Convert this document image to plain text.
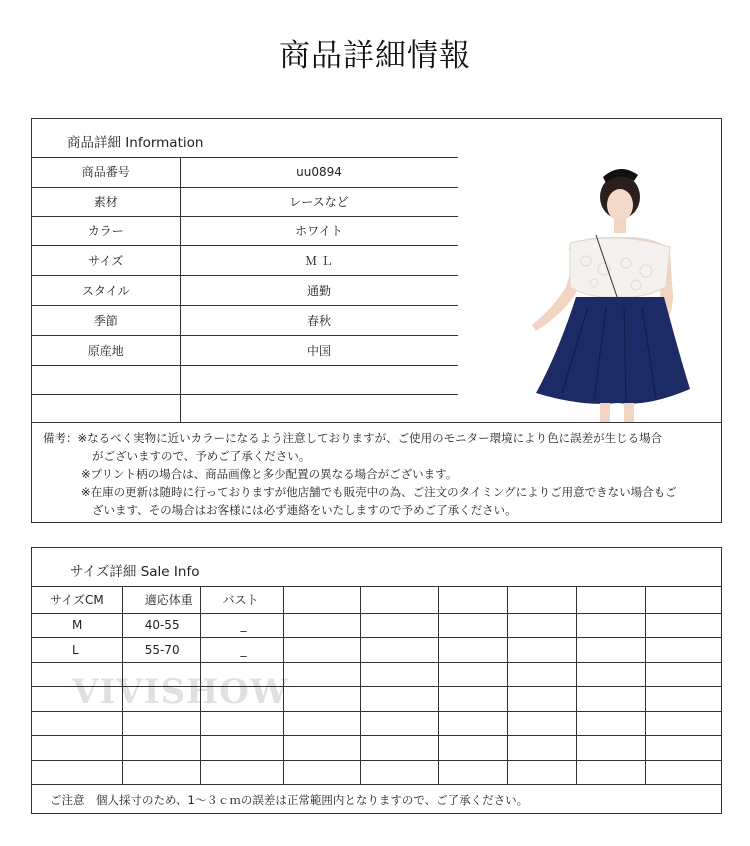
商品詳細情報
商品詳細 Information
商品番号	uu0894
素材	レースなど
カラー	ホワイト
サイズ	Ｍ Ｌ
スタイル	通勤
季節	春秋
原産地	中国

備考：※なるべく実物に近いカラーになるよう注意しておりますが、ご使用のモニター環境により色に誤差が生じる場合
がございますので、予めご了承ください。
※プリント柄の場合は、商品画像と多少配置の異なる場合がございます。
※在庫の更新は随時に行っておりますが他店舗でも販売中の為、ご注文のタイミングによりご用意できない場合もご
ざいます、その場合はお客様には必ず連絡をいたしますので予めご了承ください。
サイズ詳細 Sale Info
サイズCM	適応体重	バスト						
M	40-55	_						
L	55-70	_						

VIVISHOW
ご注意　個人採寸のため、1～３ｃｍの誤差は正常範囲内となりますので、ご了承ください。
